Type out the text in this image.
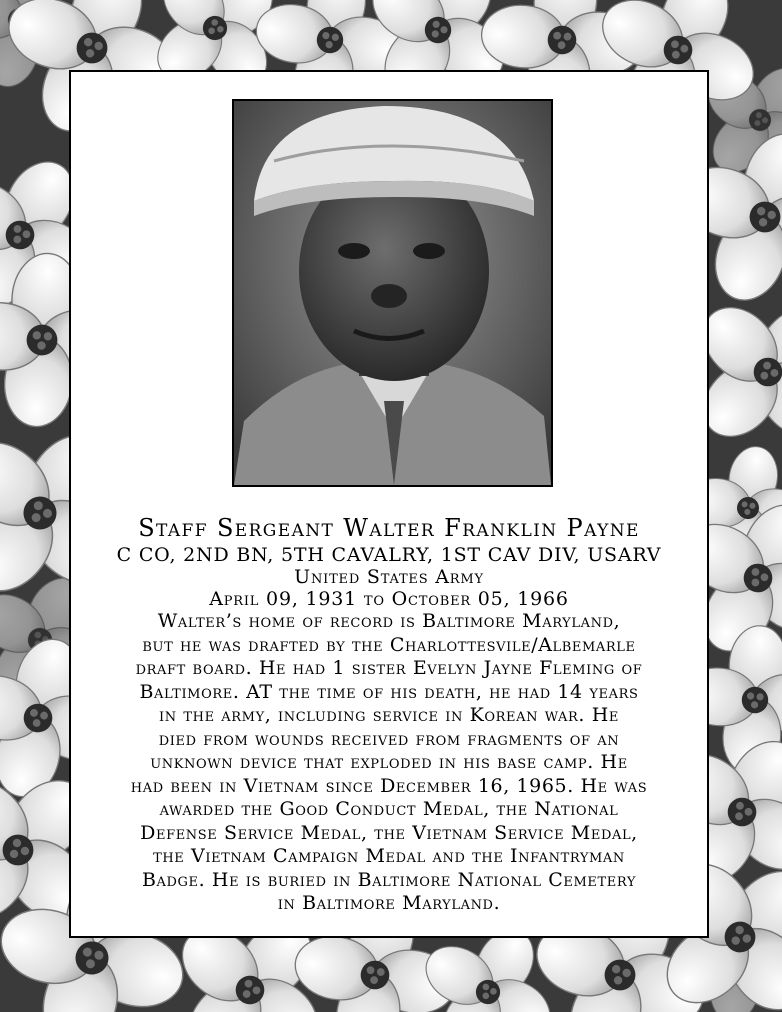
Staff Sergeant Walter Franklin Payne

C CO, 2ND BN, 5TH CAVALRY, 1ST CAV DIV, USARV

United States Army

April 09, 1931 to October 05, 1966

Walter’s home of record is Baltimore Maryland,

but he was drafted by the Charlottesvile/Albemarle

draft board. He had 1 sister Evelyn Jayne Fleming of

Baltimore. AT the time of his death, he had 14 years

in the army, including service in Korean war. He

died from wounds received from fragments of an

unknown device that exploded in his base camp. He

had been in Vietnam since December 16, 1965. He was

awarded the Good Conduct Medal, the National

Defense Service Medal, the Vietnam Service Medal,

the Vietnam Campaign Medal and the Infantryman

Badge. He is buried in Baltimore National Cemetery

in Baltimore Maryland.
